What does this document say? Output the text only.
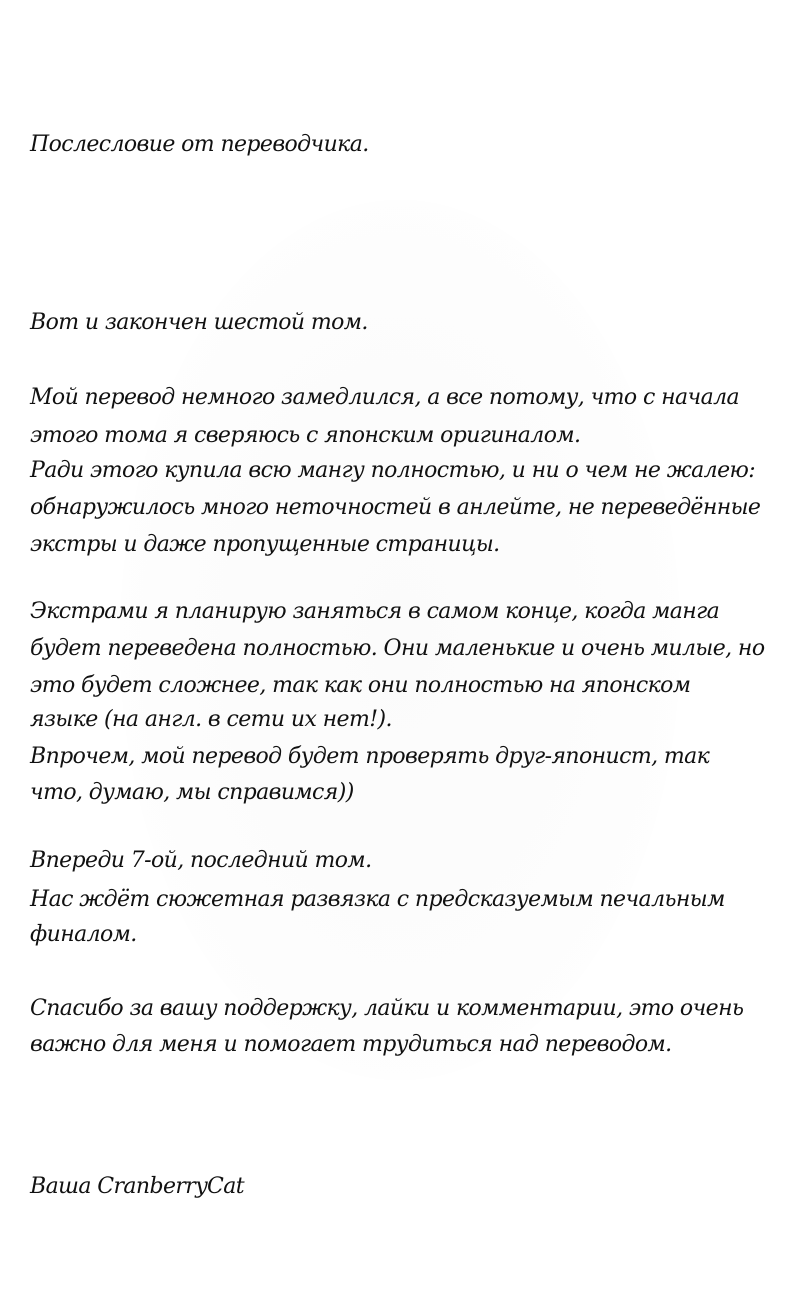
Послесловие от переводчика.

Вот и закончен шестой том.

Мой перевод немного замедлился, а все потому, что с начала

этого тома я сверяюсь с японским оригиналом.

Ради этого купила всю мангу полностью, и ни о чем не жалею:

обнаружилось много неточностей в анлейте, не переведённые

экстры и даже пропущенные страницы.

Экстрами я планирую заняться в самом конце, когда манга

будет переведена полностью. Они маленькие и очень милые, но

это будет сложнее, так как они полностью на японском

языке (на англ. в сети их нет!).

Впрочем, мой перевод будет проверять друг-японист, так

что, думаю, мы справимся))

Впереди 7-ой, последний том.

Нас ждёт сюжетная развязка с предсказуемым печальным

финалом.

Спасибо за вашу поддержку, лайки и комментарии, это очень

важно для меня и помогает трудиться над переводом.

Ваша CranberryCat
